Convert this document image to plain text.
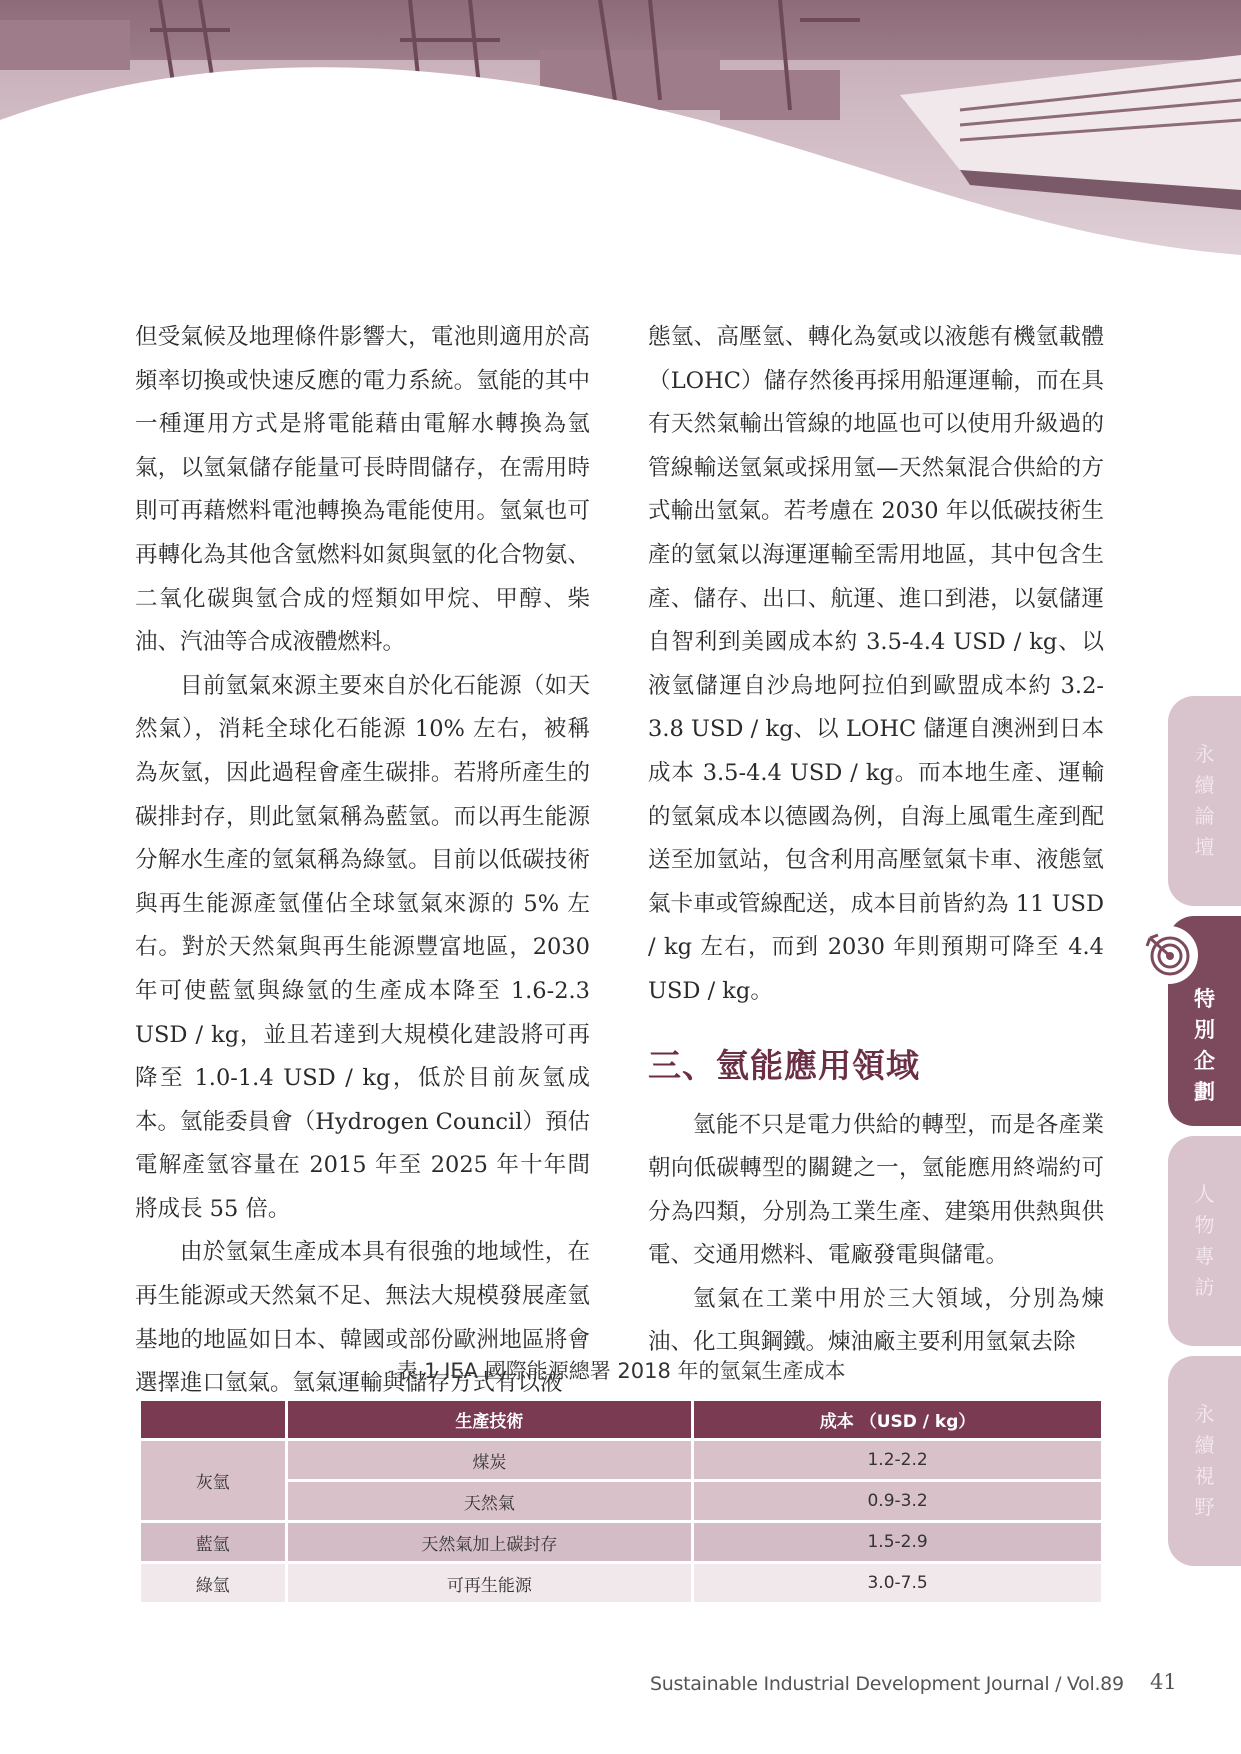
但受氣候及地理條件影響大，電池則適用於高頻率切換或快速反應的電力系統。氫能的其中一種運用方式是將電能藉由電解水轉換為氫氣，以氫氣儲存能量可長時間儲存，在需用時則可再藉燃料電池轉換為電能使用。氫氣也可再轉化為其他含氫燃料如氮與氫的化合物氨、二氧化碳與氫合成的烴類如甲烷、甲醇、柴油、汽油等合成液體燃料。

目前氫氣來源主要來自於化石能源（如天然氣），消耗全球化石能源 10% 左右，被稱為灰氫，因此過程會產生碳排。若將所產生的碳排封存，則此氫氣稱為藍氫。而以再生能源分解水生產的氫氣稱為綠氫。目前以低碳技術與再生能源產氫僅佔全球氫氣來源的 5% 左右。對於天然氣與再生能源豐富地區，2030 年可使藍氫與綠氫的生產成本降至 1.6-2.3 USD / kg，並且若達到大規模化建設將可再降至 1.0-1.4 USD / kg，低於目前灰氫成本。氫能委員會（Hydrogen Council）預估電解產氫容量在 2015 年至 2025 年十年間將成長 55 倍。

由於氫氣生產成本具有很強的地域性，在再生能源或天然氣不足、無法大規模發展產氫基地的地區如日本、韓國或部份歐洲地區將會選擇進口氫氣。氫氣運輸與儲存方式有以液

態氫、高壓氫、轉化為氨或以液態有機氫載體（LOHC）儲存然後再採用船運運輸，而在具有天然氣輸出管線的地區也可以使用升級過的管線輸送氫氣或採用氫—天然氣混合供給的方式輸出氫氣。若考慮在 2030 年以低碳技術生產的氫氣以海運運輸至需用地區，其中包含生產、儲存、出口、航運、進口到港，以氨儲運自智利到美國成本約 3.5-4.4 USD / kg、以液氫儲運自沙烏地阿拉伯到歐盟成本約 3.2-3.8 USD / kg、以 LOHC 儲運自澳洲到日本成本 3.5-4.4 USD / kg。而本地生產、運輸的氫氣成本以德國為例，自海上風電生產到配送至加氫站，包含利用高壓氫氣卡車、液態氫氣卡車或管線配送，成本目前皆約為 11 USD / kg 左右，而到 2030 年則預期可降至 4.4 USD / kg。

三、氫能應用領域

氫能不只是電力供給的轉型，而是各產業朝向低碳轉型的關鍵之一，氫能應用終端約可分為四類，分別為工業生產、建築用供熱與供電、交通用燃料、電廠發電與儲電。

氫氣在工業中用於三大領域，分別為煉油、化工與鋼鐵。煉油廠主要利用氫氣去除

永
續
論
壇
特
別
企
劃
人
物
專
訪
永
續
視
野
表 1 IEA 國際能源總署 2018 年的氫氣生產成本
	生產技術	成本 （USD / kg）
灰氫	煤炭	1.2-2.2
	天然氣	0.9-3.2
藍氫	天然氣加上碳封存	1.5-2.9
綠氫	可再生能源	3.0-7.5
Sustainable Industrial Development Journal / Vol.89 41
